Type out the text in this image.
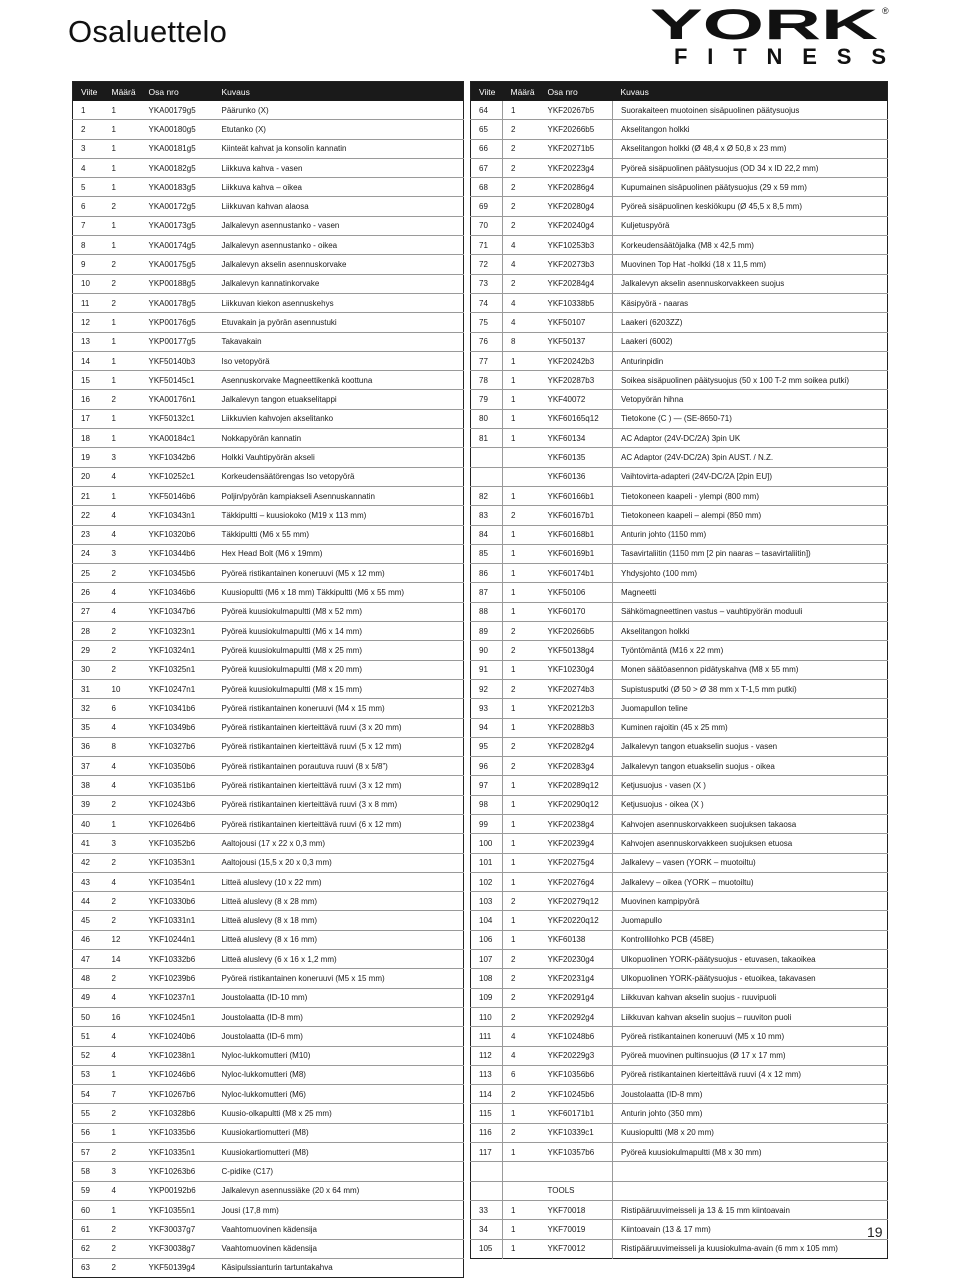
Osaluettelo	YORK ®
FITNESS
Viite	Määrä	Osa nro	Kuvaus
1	1	YKA00179g5	Päärunko (X)
2	1	YKA00180g5	Etutanko (X)
3	1	YKA00181g5	Kiinteät kahvat ja konsolin kannatin
4	1	YKA00182g5	Liikkuva kahva - vasen
5	1	YKA00183g5	Liikkuva kahva – oikea
6	2	YKA00172g5	Liikkuvan kahvan alaosa
7	1	YKA00173g5	Jalkalevyn asennustanko - vasen
8	1	YKA00174g5	Jalkalevyn asennustanko - oikea
9	2	YKA00175g5	Jalkalevyn akselin asennuskorvake
10	2	YKP00188g5	Jalkalevyn kannatinkorvake
11	2	YKA00178g5	Liikkuvan kiekon asennuskehys
12	1	YKP00176g5	Etuvakain ja pyörän asennustuki
13	1	YKP00177g5	Takavakain
14	1	YKF50140b3	Iso vetopyörä
15	1	YKF50145c1	Asennuskorvake Magneettikenkä koottuna
16	2	YKA00176n1	Jalkalevyn tangon etuakselitappi
17	1	YKF50132c1	Liikkuvien kahvojen akselitanko
18	1	YKA00184c1	Nokkapyörän kannatin
19	3	YKF10342b6	Holkki Vauhtipyörän akseli
20	4	YKF10252c1	Korkeudensäätörengas Iso vetopyörä
21	1	YKF50146b6	Poljin/pyörän kampiakseli Asennuskannatin
22	4	YKF10343n1	Täkkipultti – kuusiokoko (M19 x 113 mm)
23	4	YKF10320b6	Täkkipultti (M6 x 55 mm)
24	3	YKF10344b6	Hex Head Bolt (M6 x 19mm)
25	2	YKF10345b6	Pyöreä ristikantainen koneruuvi (M5 x 12 mm)
26	4	YKF10346b6	Kuusiopultti (M6 x 18 mm) Täkkipultti (M6 x 55 mm)
27	4	YKF10347b6	Pyöreä kuusiokulmapultti (M8 x 52 mm)
28	2	YKF10323n1	Pyöreä kuusiokulmapultti (M6 x 14 mm)
29	2	YKF10324n1	Pyöreä kuusiokulmapultti (M8 x 25 mm)
30	2	YKF10325n1	Pyöreä kuusiokulmapultti (M8 x 20 mm)
31	10	YKF10247n1	Pyöreä kuusiokulmapultti (M8 x 15 mm)
32	6	YKF10341b6	Pyöreä ristikantainen koneruuvi (M4 x 15 mm)
35	4	YKF10349b6	Pyöreä ristikantainen kierteittävä ruuvi (3 x 20 mm)
36	8	YKF10327b6	Pyöreä ristikantainen kierteittävä ruuvi (5 x 12 mm)
37	4	YKF10350b6	Pyöreä ristikantainen porautuva ruuvi (8 x 5/8”)
38	4	YKF10351b6	Pyöreä ristikantainen kierteittävä ruuvi (3 x 12 mm)
39	2	YKF10243b6	Pyöreä ristikantainen kierteittävä ruuvi (3 x 8 mm)
40	1	YKF10264b6	Pyöreä ristikantainen kierteittävä ruuvi (6 x 12 mm)
41	3	YKF10352b6	Aaltojousi (17 x 22 x 0,3 mm)
42	2	YKF10353n1	Aaltojousi (15,5 x 20 x 0,3 mm)
43	4	YKF10354n1	Litteä aluslevy (10 x 22 mm)
44	2	YKF10330b6	Litteä aluslevy (8 x 28 mm)
45	2	YKF10331n1	Litteä aluslevy (8 x 18 mm)
46	12	YKF10244n1	Litteä aluslevy (8 x 16 mm)
47	14	YKF10332b6	Litteä aluslevy (6 x 16 x 1,2 mm)
48	2	YKF10239b6	Pyöreä ristikantainen koneruuvi (M5 x 15 mm)
49	4	YKF10237n1	Joustolaatta (ID-10 mm)
50	16	YKF10245n1	Joustolaatta (ID-8 mm)
51	4	YKF10240b6	Joustolaatta (ID-6 mm)
52	4	YKF10238n1	Nyloc-lukkomutteri (M10)
53	1	YKF10246b6	Nyloc-lukkomutteri (M8)
54	7	YKF10267b6	Nyloc-lukkomutteri (M6)
55	2	YKF10328b6	Kuusio-olkapultti (M8 x 25 mm)
56	1	YKF10335b6	Kuusiokartiomutteri (M8)
57	2	YKF10335n1	Kuusiokartiomutteri (M8)
58	3	YKF10263b6	C-pidike (C17)
59	4	YKP00192b6	Jalkalevyn asennussiäke (20 x 64 mm)
60	1	YKF10355n1	Jousi (17,8 mm)
61	2	YKF30037g7	Vaahtomuovinen kädensija
62	2	YKF30038g7	Vaahtomuovinen kädensija
63	2	YKF50139g4	Käsipulssianturin tartuntakahva
Viite	Määrä	Osa nro	Kuvaus
64	1	YKF20267b5	Suorakaiteen muotoinen sisäpuolinen päätysuojus
65	2	YKF20266b5	Akselitangon holkki
66	2	YKF20271b5	Akselitangon holkki (Ø 48,4 x Ø 50,8 x 23 mm)
67	2	YKF20223g4	Pyöreä sisäpuolinen päätysuojus (OD 34 x ID 22,2 mm)
68	2	YKF20286g4	Kupumainen sisäpuolinen päätysuojus (29 x 59 mm)
69	2	YKF20280g4	Pyöreä sisäpuolinen keskiökupu (Ø 45,5 x 8,5 mm)
70	2	YKF20240g4	Kuljetuspyörä
71	4	YKF10253b3	Korkeudensäätöjalka (M8 x 42,5 mm)
72	4	YKF20273b3	Muovinen Top Hat -holkki (18 x 11,5 mm)
73	2	YKF20284g4	Jalkalevyn akselin asennuskorvakkeen suojus
74	4	YKF10338b5	Käsipyörä - naaras
75	4	YKF50107	Laakeri (6203ZZ)
76	8	YKF50137	Laakeri (6002)
77	1	YKF20242b3	Anturinpidin
78	1	YKF20287b3	Soikea sisäpuolinen päätysuojus (50 x 100 T-2 mm soikea putki)
79	1	YKF40072	Vetopyörän hihna
80	1	YKF60165q12	Tietokone (C ) — (SE-8650-71)
81	1	YKF60134	AC Adaptor (24V-DC/2A) 3pin UK
		YKF60135	AC Adaptor (24V-DC/2A) 3pin AUST. / N.Z.
		YKF60136	Vaihtovirta-adapteri (24V-DC/2A [2pin EU])
82	1	YKF60166b1	Tietokoneen kaapeli - ylempi (800 mm)
83	2	YKF60167b1	Tietokoneen kaapeli – alempi (850 mm)
84	1	YKF60168b1	Anturin johto (1150 mm)
85	1	YKF60169b1	Tasavirtaliitin (1150 mm [2 pin naaras – tasavirtaliitin])
86	1	YKF60174b1	Yhdysjohto (100 mm)
87	1	YKF50106	Magneetti
88	1	YKF60170	Sähkömagneettinen vastus – vauhtipyörän moduuli
89	2	YKF20266b5	Akselitangon holkki
90	2	YKF50138g4	Työntömäntä (M16 x 22 mm)
91	1	YKF10230g4	Monen säätöasennon pidätyskahva (M8 x 55 mm)
92	2	YKF20274b3	Supistusputki (Ø 50 > Ø 38 mm x T-1,5 mm putki)
93	1	YKF20212b3	Juomapullon teline
94	1	YKF20288b3	Kuminen rajoitin (45 x 25 mm)
95	2	YKF20282g4	Jalkalevyn tangon etuakselin suojus - vasen
96	2	YKF20283g4	Jalkalevyn tangon etuakselin suojus - oikea
97	1	YKF20289q12	Ketjusuojus - vasen (X )
98	1	YKF20290q12	Ketjusuojus - oikea (X )
99	1	YKF20238g4	Kahvojen asennuskorvakkeen suojuksen takaosa
100	1	YKF20239g4	Kahvojen asennuskorvakkeen suojuksen etuosa
101	1	YKF20275g4	Jalkalevy – vasen (YORK – muotoiltu)
102	1	YKF20276g4	Jalkalevy – oikea (YORK – muotoiltu)
103	2	YKF20279q12	Muovinen kampipyörä
104	1	YKF20220q12	Juomapullo
106	1	YKF60138	Kontrollilohko PCB (458E)
107	2	YKF20230g4	Ulkopuolinen YORK-päätysuojus - etuvasen, takaoikea
108	2	YKF20231g4	Ulkopuolinen YORK-päätysuojus - etuoikea, takavasen
109	2	YKF20291g4	Liikkuvan kahvan akselin suojus - ruuvipuoli
110	2	YKF20292g4	Liikkuvan kahvan akselin suojus – ruuviton puoli
111	4	YKF10248b6	Pyöreä ristikantainen koneruuvi (M5 x 10 mm)
112	4	YKF20229g3	Pyöreä muovinen pultinsuojus (Ø 17 x 17 mm)
113	6	YKF10356b6	Pyöreä ristikantainen kierteittävä ruuvi (4 x 12 mm)
114	2	YKF10245b6	Joustolaatta (ID-8 mm)
115	1	YKF60171b1	Anturin johto (350 mm)
116	2	YKF10339c1	Kuusiopultti (M8 x 20 mm)
117	1	YKF10357b6	Pyöreä kuusiokulmapultti (M8 x 30 mm)

		TOOLS	
33	1	YKF70018	Ristipääruuvimeisseli ja 13 & 15 mm kiintoavain
34	1	YKF70019	Kiintoavain (13 & 17 mm)
105	1	YKF70012	Ristipääruuvimeisseli ja kuusiokulma-avain (6 mm x 105 mm)
19
